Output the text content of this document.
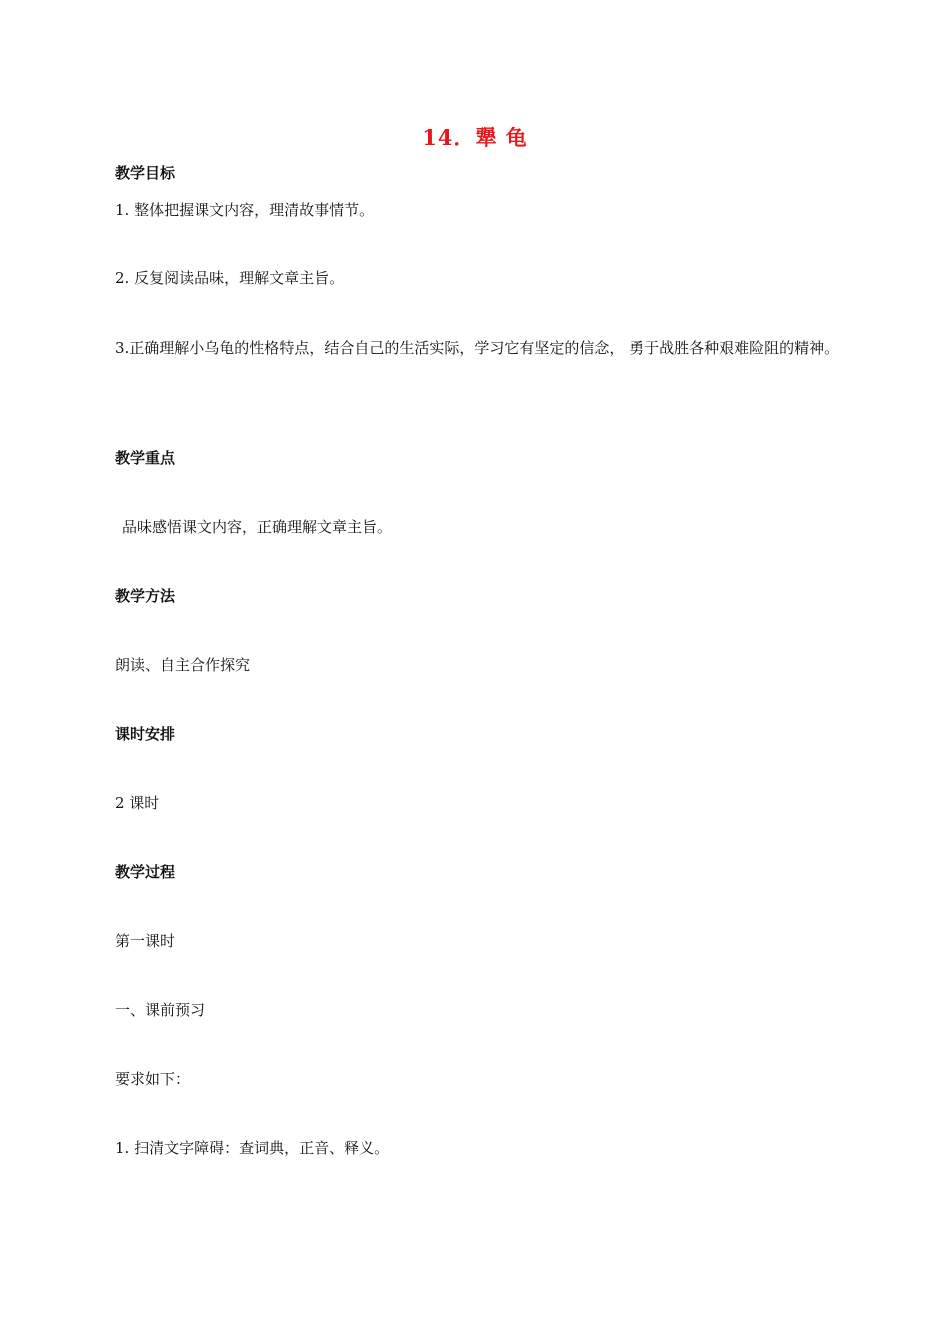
14．犟 龟
教学目标
1. 整体把握课文内容，理清故事情节。
2. 反复阅读品味，理解文章主旨。
3.正确理解小乌龟的性格特点，结合自己的生活实际，学习它有坚定的信念， 勇于战胜各种艰难险阻的精神。
教学重点
品味感悟课文内容，正确理解文章主旨。
教学方法
朗读、自主合作探究
课时安排
2 课时
教学过程
第一课时
一、课前预习
要求如下：
1. 扫清文字障碍：查词典，正音、释义。
